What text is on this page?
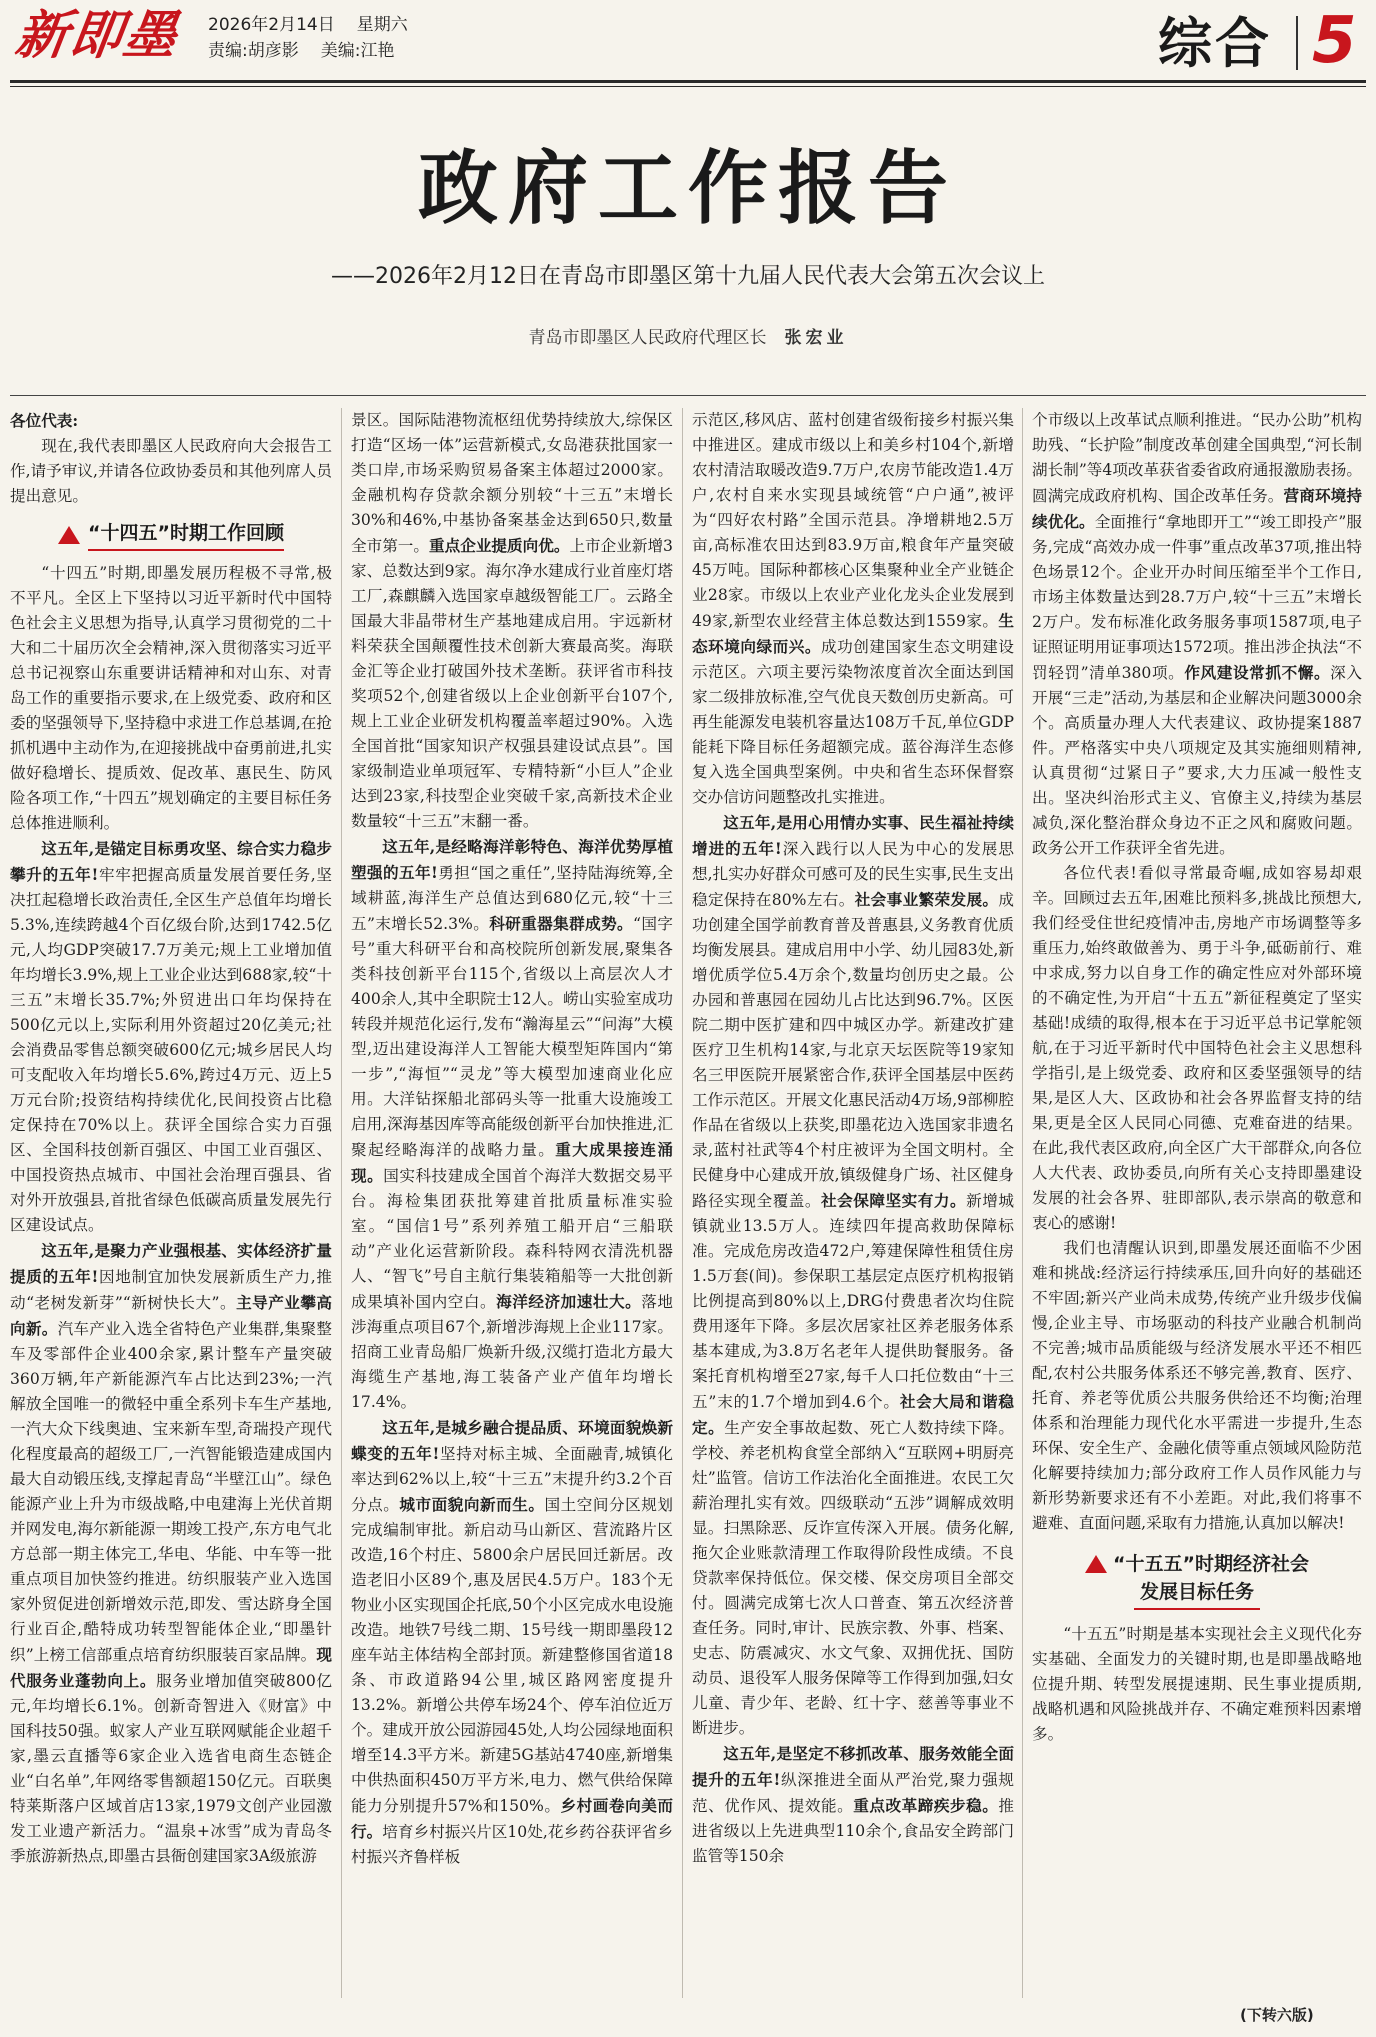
新即墨 2026年2月14日 星期六
责编:胡彦影 美编:江艳	综合 5
政府工作报告
——2026年2月12日在青岛市即墨区第十九届人民代表大会第五次会议上
青岛市即墨区人民政府代理区长 张宏业

各位代表:

现在,我代表即墨区人民政府向大会报告工作,请予审议,并请各位政协委员和其他列席人员提出意见。

“十四五”时期工作回顾

“十四五”时期,即墨发展历程极不寻常,极不平凡。全区上下坚持以习近平新时代中国特色社会主义思想为指导,认真学习贯彻党的二十大和二十届历次全会精神,深入贯彻落实习近平总书记视察山东重要讲话精神和对山东、对青岛工作的重要指示要求,在上级党委、政府和区委的坚强领导下,坚持稳中求进工作总基调,在抢抓机遇中主动作为,在迎接挑战中奋勇前进,扎实做好稳增长、提质效、促改革、惠民生、防风险各项工作,“十四五”规划确定的主要目标任务总体推进顺利。

这五年,是锚定目标勇攻坚、综合实力稳步攀升的五年!牢牢把握高质量发展首要任务,坚决扛起稳增长政治责任,全区生产总值年均增长5.3%,连续跨越4个百亿级台阶,达到1742.5亿元,人均GDP突破17.7万美元;规上工业增加值年均增长3.9%,规上工业企业达到688家,较“十三五”末增长35.7%;外贸进出口年均保持在500亿元以上,实际利用外资超过20亿美元;社会消费品零售总额突破600亿元;城乡居民人均可支配收入年均增长5.6%,跨过4万元、迈上5万元台阶;投资结构持续优化,民间投资占比稳定保持在70%以上。获评全国综合实力百强区、全国科技创新百强区、中国工业百强区、中国投资热点城市、中国社会治理百强县、省对外开放强县,首批省绿色低碳高质量发展先行区建设试点。

这五年,是聚力产业强根基、实体经济扩量提质的五年!因地制宜加快发展新质生产力,推动“老树发新芽”“新树快长大”。主导产业攀高向新。汽车产业入选全省特色产业集群,集聚整车及零部件企业400余家,累计整车产量突破360万辆,年产新能源汽车占比达到23%;一汽解放全国唯一的微轻中重全系列卡车生产基地,一汽大众下线奥迪、宝来新车型,奇瑞投产现代化程度最高的超级工厂,一汽智能锻造建成国内最大自动锻压线,支撑起青岛“半壁江山”。绿色能源产业上升为市级战略,中电建海上光伏首期并网发电,海尔新能源一期竣工投产,东方电气北方总部一期主体完工,华电、华能、中车等一批重点项目加快签约推进。纺织服装产业入选国家外贸促进创新增效示范,即发、雪达跻身全国行业百企,酷特成功转型智能体企业,“即墨针织”上榜工信部重点培育纺织服装百家品牌。现代服务业蓬勃向上。服务业增加值突破800亿元,年均增长6.1%。创新奇智进入《财富》中国科技50强。蚁家人产业互联网赋能企业超千家,墨云直播等6家企业入选省电商生态链企业“白名单”,年网络零售额超150亿元。百联奥特莱斯落户区域首店13家,1979文创产业园激发工业遗产新活力。“温泉+冰雪”成为青岛冬季旅游新热点,即墨古县衙创建国家3A级旅游

景区。国际陆港物流枢纽优势持续放大,综保区打造“区场一体”运营新模式,女岛港获批国家一类口岸,市场采购贸易备案主体超过2000家。金融机构存贷款余额分别较“十三五”末增长30%和46%,中基协备案基金达到650只,数量全市第一。重点企业提质向优。上市企业新增3家、总数达到9家。海尔净水建成行业首座灯塔工厂,森麒麟入选国家卓越级智能工厂。云路全国最大非晶带材生产基地建成启用。宇远新材料荣获全国颠覆性技术创新大赛最高奖。海联金汇等企业打破国外技术垄断。获评省市科技奖项52个,创建省级以上企业创新平台107个,规上工业企业研发机构覆盖率超过90%。入选全国首批“国家知识产权强县建设试点县”。国家级制造业单项冠军、专精特新“小巨人”企业达到23家,科技型企业突破千家,高新技术企业数量较“十三五”末翻一番。

这五年,是经略海洋彰特色、海洋优势厚植塑强的五年!勇担“国之重任”,坚持陆海统筹,全域耕蓝,海洋生产总值达到680亿元,较“十三五”末增长52.3%。科研重器集群成势。“国字号”重大科研平台和高校院所创新发展,聚集各类科技创新平台115个,省级以上高层次人才400余人,其中全职院士12人。崂山实验室成功转段并规范化运行,发布“瀚海星云”“问海”大模型,迈出建设海洋人工智能大模型矩阵国内“第一步”,“海恒”“灵龙”等大模型加速商业化应用。大洋钻探船北部码头等一批重大设施竣工启用,深海基因库等高能级创新平台加快推进,汇聚起经略海洋的战略力量。重大成果接连涌现。国实科技建成全国首个海洋大数据交易平台。海检集团获批筹建首批质量标准实验室。“国信1号”系列养殖工船开启“三船联动”产业化运营新阶段。森科特网衣清洗机器人、“智飞”号自主航行集装箱船等一大批创新成果填补国内空白。海洋经济加速壮大。落地涉海重点项目67个,新增涉海规上企业117家。招商工业青岛船厂焕新升级,汉缆打造北方最大海缆生产基地,海工装备产业产值年均增长17.4%。

这五年,是城乡融合提品质、环境面貌焕新蝶变的五年!坚持对标主城、全面融青,城镇化率达到62%以上,较“十三五”末提升约3.2个百分点。城市面貌向新而生。国土空间分区规划完成编制审批。新启动马山新区、营流路片区改造,16个村庄、5800余户居民回迁新居。改造老旧小区89个,惠及居民4.5万户。183个无物业小区实现国企托底,50个小区完成水电设施改造。地铁7号线二期、15号线一期即墨段12座车站主体结构全部封顶。新建整修国省道18条、市政道路94公里,城区路网密度提升13.2%。新增公共停车场24个、停车泊位近万个。建成开放公园游园45处,人均公园绿地面积增至14.3平方米。新建5G基站4740座,新增集中供热面积450万平方米,电力、燃气供给保障能力分别提升57%和150%。乡村画卷向美而行。培育乡村振兴片区10处,花乡药谷获评省乡村振兴齐鲁样板

示范区,移风店、蓝村创建省级衔接乡村振兴集中推进区。建成市级以上和美乡村104个,新增农村清洁取暖改造9.7万户,农房节能改造1.4万户,农村自来水实现县域统管“户户通”,被评为“四好农村路”全国示范县。净增耕地2.5万亩,高标准农田达到83.9万亩,粮食年产量突破45万吨。国际种都核心区集聚种业全产业链企业28家。市级以上农业产业化龙头企业发展到49家,新型农业经营主体总数达到1559家。生态环境向绿而兴。成功创建国家生态文明建设示范区。六项主要污染物浓度首次全面达到国家二级排放标准,空气优良天数创历史新高。可再生能源发电装机容量达108万千瓦,单位GDP能耗下降目标任务超额完成。蓝谷海洋生态修复入选全国典型案例。中央和省生态环保督察交办信访问题整改扎实推进。

这五年,是用心用情办实事、民生福祉持续增进的五年!深入践行以人民为中心的发展思想,扎实办好群众可感可及的民生实事,民生支出稳定保持在80%左右。社会事业繁荣发展。成功创建全国学前教育普及普惠县,义务教育优质均衡发展县。建成启用中小学、幼儿园83处,新增优质学位5.4万余个,数量均创历史之最。公办园和普惠园在园幼儿占比达到96.7%。区医院二期中医扩建和四中城区办学。新建改扩建医疗卫生机构14家,与北京天坛医院等19家知名三甲医院开展紧密合作,获评全国基层中医药工作示范区。开展文化惠民活动4万场,9部柳腔作品在省级以上获奖,即墨花边入选国家非遗名录,蓝村社武等4个村庄被评为全国文明村。全民健身中心建成开放,镇级健身广场、社区健身路径实现全覆盖。社会保障坚实有力。新增城镇就业13.5万人。连续四年提高救助保障标准。完成危房改造472户,筹建保障性租赁住房1.5万套(间)。参保职工基层定点医疗机构报销比例提高到80%以上,DRG付费患者次均住院费用逐年下降。多层次居家社区养老服务体系基本建成,为3.8万名老年人提供助餐服务。备案托育机构增至27家,每千人口托位数由“十三五”末的1.7个增加到4.6个。社会大局和谐稳定。生产安全事故起数、死亡人数持续下降。学校、养老机构食堂全部纳入“互联网+明厨亮灶”监管。信访工作法治化全面推进。农民工欠薪治理扎实有效。四级联动“五涉”调解成效明显。扫黑除恶、反诈宣传深入开展。债务化解,拖欠企业账款清理工作取得阶段性成绩。不良贷款率保持低位。保交楼、保交房项目全部交付。圆满完成第七次人口普查、第五次经济普查任务。同时,审计、民族宗教、外事、档案、史志、防震减灾、水文气象、双拥优抚、国防动员、退役军人服务保障等工作得到加强,妇女儿童、青少年、老龄、红十字、慈善等事业不断进步。

这五年,是坚定不移抓改革、服务效能全面提升的五年!纵深推进全面从严治党,聚力强规范、优作风、提效能。重点改革蹄疾步稳。推进省级以上先进典型110余个,食品安全跨部门监管等150余

个市级以上改革试点顺利推进。“民办公助”机构助残、“长护险”制度改革创建全国典型,“河长制湖长制”等4项改革获省委省政府通报激励表扬。圆满完成政府机构、国企改革任务。营商环境持续优化。全面推行“拿地即开工”“竣工即投产”服务,完成“高效办成一件事”重点改革37项,推出特色场景12个。企业开办时间压缩至半个工作日,市场主体数量达到28.7万户,较“十三五”末增长2万户。发布标准化政务服务事项1587项,电子证照证明用证事项达1572项。推出涉企执法“不罚轻罚”清单380项。作风建设常抓不懈。深入开展“三走”活动,为基层和企业解决问题3000余个。高质量办理人大代表建议、政协提案1887件。严格落实中央八项规定及其实施细则精神,认真贯彻“过紧日子”要求,大力压减一般性支出。坚决纠治形式主义、官僚主义,持续为基层减负,深化整治群众身边不正之风和腐败问题。政务公开工作获评全省先进。

各位代表!看似寻常最奇崛,成如容易却艰辛。回顾过去五年,困难比预料多,挑战比预想大,我们经受住世纪疫情冲击,房地产市场调整等多重压力,始终敢做善为、勇于斗争,砥砺前行、难中求成,努力以自身工作的确定性应对外部环境的不确定性,为开启“十五五”新征程奠定了坚实基础!成绩的取得,根本在于习近平总书记掌舵领航,在于习近平新时代中国特色社会主义思想科学指引,是上级党委、政府和区委坚强领导的结果,是区人大、区政协和社会各界监督支持的结果,更是全区人民同心同德、克难奋进的结果。在此,我代表区政府,向全区广大干部群众,向各位人大代表、政协委员,向所有关心支持即墨建设发展的社会各界、驻即部队,表示崇高的敬意和衷心的感谢!

我们也清醒认识到,即墨发展还面临不少困难和挑战:经济运行持续承压,回升向好的基础还不牢固;新兴产业尚未成势,传统产业升级步伐偏慢,企业主导、市场驱动的科技产业融合机制尚不完善;城市品质能级与经济发展水平还不相匹配,农村公共服务体系还不够完善,教育、医疗、托育、养老等优质公共服务供给还不均衡;治理体系和治理能力现代化水平需进一步提升,生态环保、安全生产、金融化债等重点领域风险防范化解要持续加力;部分政府工作人员作风能力与新形势新要求还有不小差距。对此,我们将事不避难、直面问题,采取有力措施,认真加以解决!

“十五五”时期经济社会
发展目标任务

“十五五”时期是基本实现社会主义现代化夯实基础、全面发力的关键时期,也是即墨战略地位提升期、转型发展提速期、民生事业提质期,战略机遇和风险挑战并存、不确定难预料因素增多。

(下转六版)
